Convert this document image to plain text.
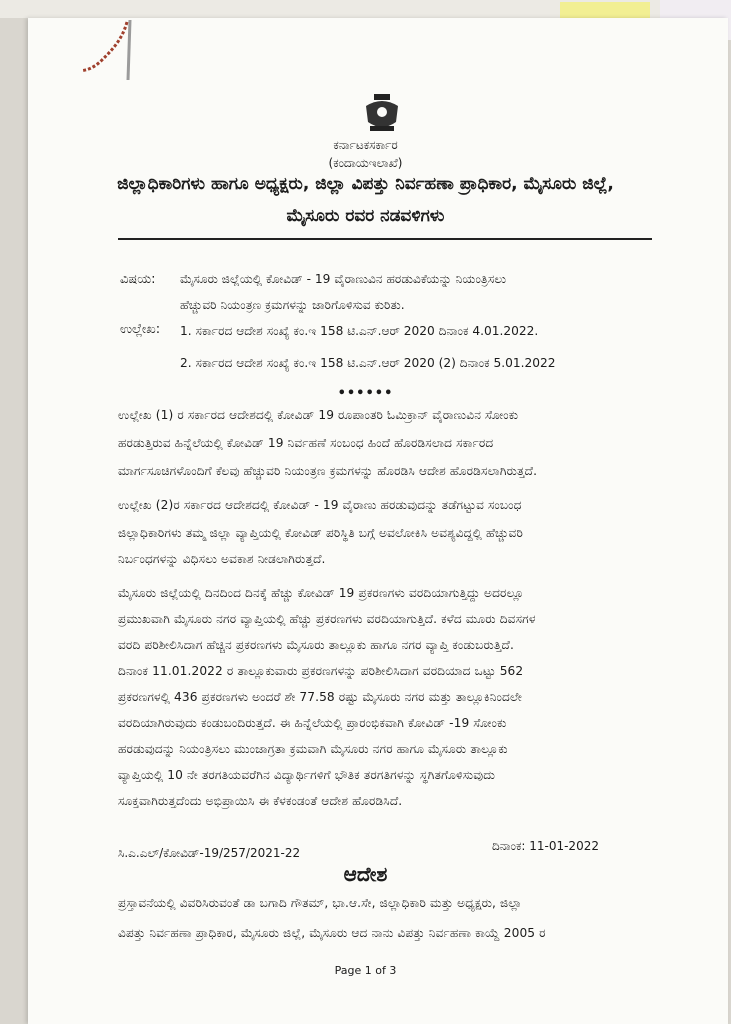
ಕರ್ನಾಟಕಸರ್ಕಾರ
(ಕಂದಾಯಇಲಾಖೆ)
ಜಿಲ್ಲಾಧಿಕಾರಿಗಳು ಹಾಗೂ ಅಧ್ಯಕ್ಷರು, ಜಿಲ್ಲಾ ವಿಪತ್ತು ನಿರ್ವಹಣಾ ಪ್ರಾಧಿಕಾರ, ಮೈಸೂರು ಜಿಲ್ಲೆ,
ಮೈಸೂರು ರವರ ನಡವಳಿಗಳು
ವಿಷಯ: ಮೈಸೂರು ಜಿಲ್ಲೆಯಲ್ಲಿ ಕೋವಿಡ್ - 19 ವೈರಾಣುವಿನ ಹರಡುವಿಕೆಯನ್ನು ನಿಯಂತ್ರಿಸಲು
ಹೆಚ್ಚುವರಿ ನಿಯಂತ್ರಣ ಕ್ರಮಗಳನ್ನು ಜಾರಿಗೊಳಿಸುವ ಕುರಿತು.
ಉಲ್ಲೇಖ: 1. ಸರ್ಕಾರದ ಆದೇಶ ಸಂಖ್ಯೆ ಕಂ.ಇ 158 ಟಿ.ಎನ್.ಆರ್ 2020 ದಿನಾಂಕ 4.01.2022.
2. ಸರ್ಕಾರದ ಆದೇಶ ಸಂಖ್ಯೆ ಕಂ.ಇ 158 ಟಿ.ಎನ್.ಆರ್ 2020 (2) ದಿನಾಂಕ 5.01.2022
••••••
ಉಲ್ಲೇಖ (1) ರ ಸರ್ಕಾರದ ಆದೇಶದಲ್ಲಿ ಕೋವಿಡ್ 19 ರೂಪಾಂತರಿ ಓಮಿಕ್ರಾನ್ ವೈರಾಣುವಿನ ಸೋಂಕು
ಹರಡುತ್ತಿರುವ ಹಿನ್ನೆಲೆಯಲ್ಲಿ ಕೋವಿಡ್ 19 ನಿರ್ವಹಣೆ ಸಂಬಂಧ ಹಿಂದೆ ಹೊರಡಿಸಲಾದ ಸರ್ಕಾರದ
ಮಾರ್ಗಸೂಚಿಗಳೊಂದಿಗೆ ಕೆಲವು ಹೆಚ್ಚುವರಿ ನಿಯಂತ್ರಣ ಕ್ರಮಗಳನ್ನು ಹೊರಡಿಸಿ ಆದೇಶ ಹೊರಡಿಸಲಾಗಿರುತ್ತದೆ.
ಉಲ್ಲೇಖ (2)ರ ಸರ್ಕಾರದ ಆದೇಶದಲ್ಲಿ ಕೋವಿಡ್ - 19 ವೈರಾಣು ಹರಡುವುದನ್ನು ತಡೆಗಟ್ಟುವ ಸಂಬಂಧ
ಜಿಲ್ಲಾಧಿಕಾರಿಗಳು ತಮ್ಮ ಜಿಲ್ಲಾ ವ್ಯಾಪ್ತಿಯಲ್ಲಿ ಕೋವಿಡ್ ಪರಿಸ್ಥಿತಿ ಬಗ್ಗೆ ಅವಲೋಕಿಸಿ ಅವಶ್ಯವಿದ್ದಲ್ಲಿ ಹೆಚ್ಚುವರಿ
ನಿರ್ಬಂಧಗಳನ್ನು ವಿಧಿಸಲು ಅವಕಾಶ ನೀಡಲಾಗಿರುತ್ತದೆ.
ಮೈಸೂರು ಜಿಲ್ಲೆಯಲ್ಲಿ ದಿನದಿಂದ ದಿನಕ್ಕೆ ಹೆಚ್ಚು ಕೋವಿಡ್ 19 ಪ್ರಕರಣಗಳು ವರದಿಯಾಗುತ್ತಿದ್ದು ಅದರಲ್ಲೂ
ಪ್ರಮುಖವಾಗಿ ಮೈಸೂರು ನಗರ ವ್ಯಾಪ್ತಿಯಲ್ಲಿ ಹೆಚ್ಚು ಪ್ರಕರಣಗಳು ವರದಿಯಾಗುತ್ತಿದೆ. ಕಳೆದ ಮೂರು ದಿವಸಗಳ
ವರದಿ ಪರಿಶೀಲಿಸಿದಾಗ ಹೆಚ್ಚಿನ ಪ್ರಕರಣಗಳು ಮೈಸೂರು ತಾಲ್ಲೂಕು ಹಾಗೂ ನಗರ ವ್ಯಾಪ್ತಿ ಕಂಡುಬರುತ್ತಿದೆ.
ದಿನಾಂಕ 11.01.2022 ರ ತಾಲ್ಲೂಕುವಾರು ಪ್ರಕರಣಗಳನ್ನು ಪರಿಶೀಲಿಸಿದಾಗ ವರದಿಯಾದ ಒಟ್ಟು 562
ಪ್ರಕರಣಗಳಲ್ಲಿ 436 ಪ್ರಕರಣಗಳು ಅಂದರೆ ಶೇ 77.58 ರಷ್ಟು ಮೈಸೂರು ನಗರ ಮತ್ತು ತಾಲ್ಲೂಕಿನಿಂದಲೇ
ವರದಿಯಾಗಿರುವುದು ಕಂಡುಬಂದಿರುತ್ತದೆ. ಈ ಹಿನ್ನೆಲೆಯಲ್ಲಿ ಪ್ರಾರಂಭಿಕವಾಗಿ ಕೋವಿಡ್ -19 ಸೋಂಕು
ಹರಡುವುದನ್ನು ನಿಯಂತ್ರಿಸಲು ಮುಂಜಾಗ್ರತಾ ಕ್ರಮವಾಗಿ ಮೈಸೂರು ನಗರ ಹಾಗೂ ಮೈಸೂರು ತಾಲ್ಲೂಕು
ವ್ಯಾಪ್ತಿಯಲ್ಲಿ 10 ನೇ ತರಗತಿಯವರೆಗಿನ ವಿದ್ಯಾರ್ಥಿಗಳಿಗೆ ಭೌತಿಕ ತರಗತಿಗಳನ್ನು ಸ್ಥಗಿತಗೊಳಿಸುವುದು
ಸೂಕ್ತವಾಗಿರುತ್ತದೆಂದು ಅಭಿಪ್ರಾಯಿಸಿ ಈ ಕೆಳಕಂಡಂತೆ ಆದೇಶ ಹೊರಡಿಸಿದೆ.
ದಿನಾಂಕ: 11-01-2022
ಸಿ.ಎ.ಎಲ್/ಕೋವಿಡ್-19/257/2021-22
ಆದೇಶ
ಪ್ರಸ್ತಾವನೆಯಲ್ಲಿ ವಿವರಿಸಿರುವಂತೆ ಡಾ ಬಗಾದಿ ಗೌತಮ್, ಭಾ.ಆ.ಸೇ, ಜಿಲ್ಲಾಧಿಕಾರಿ ಮತ್ತು ಅಧ್ಯಕ್ಷರು, ಜಿಲ್ಲಾ
ವಿಪತ್ತು ನಿರ್ವಹಣಾ ಪ್ರಾಧಿಕಾರ, ಮೈಸೂರು ಜಿಲ್ಲೆ, ಮೈಸೂರು ಆದ ನಾನು ವಿಪತ್ತು ನಿರ್ವಹಣಾ ಕಾಯ್ದೆ 2005 ರ
Page 1 of 3
